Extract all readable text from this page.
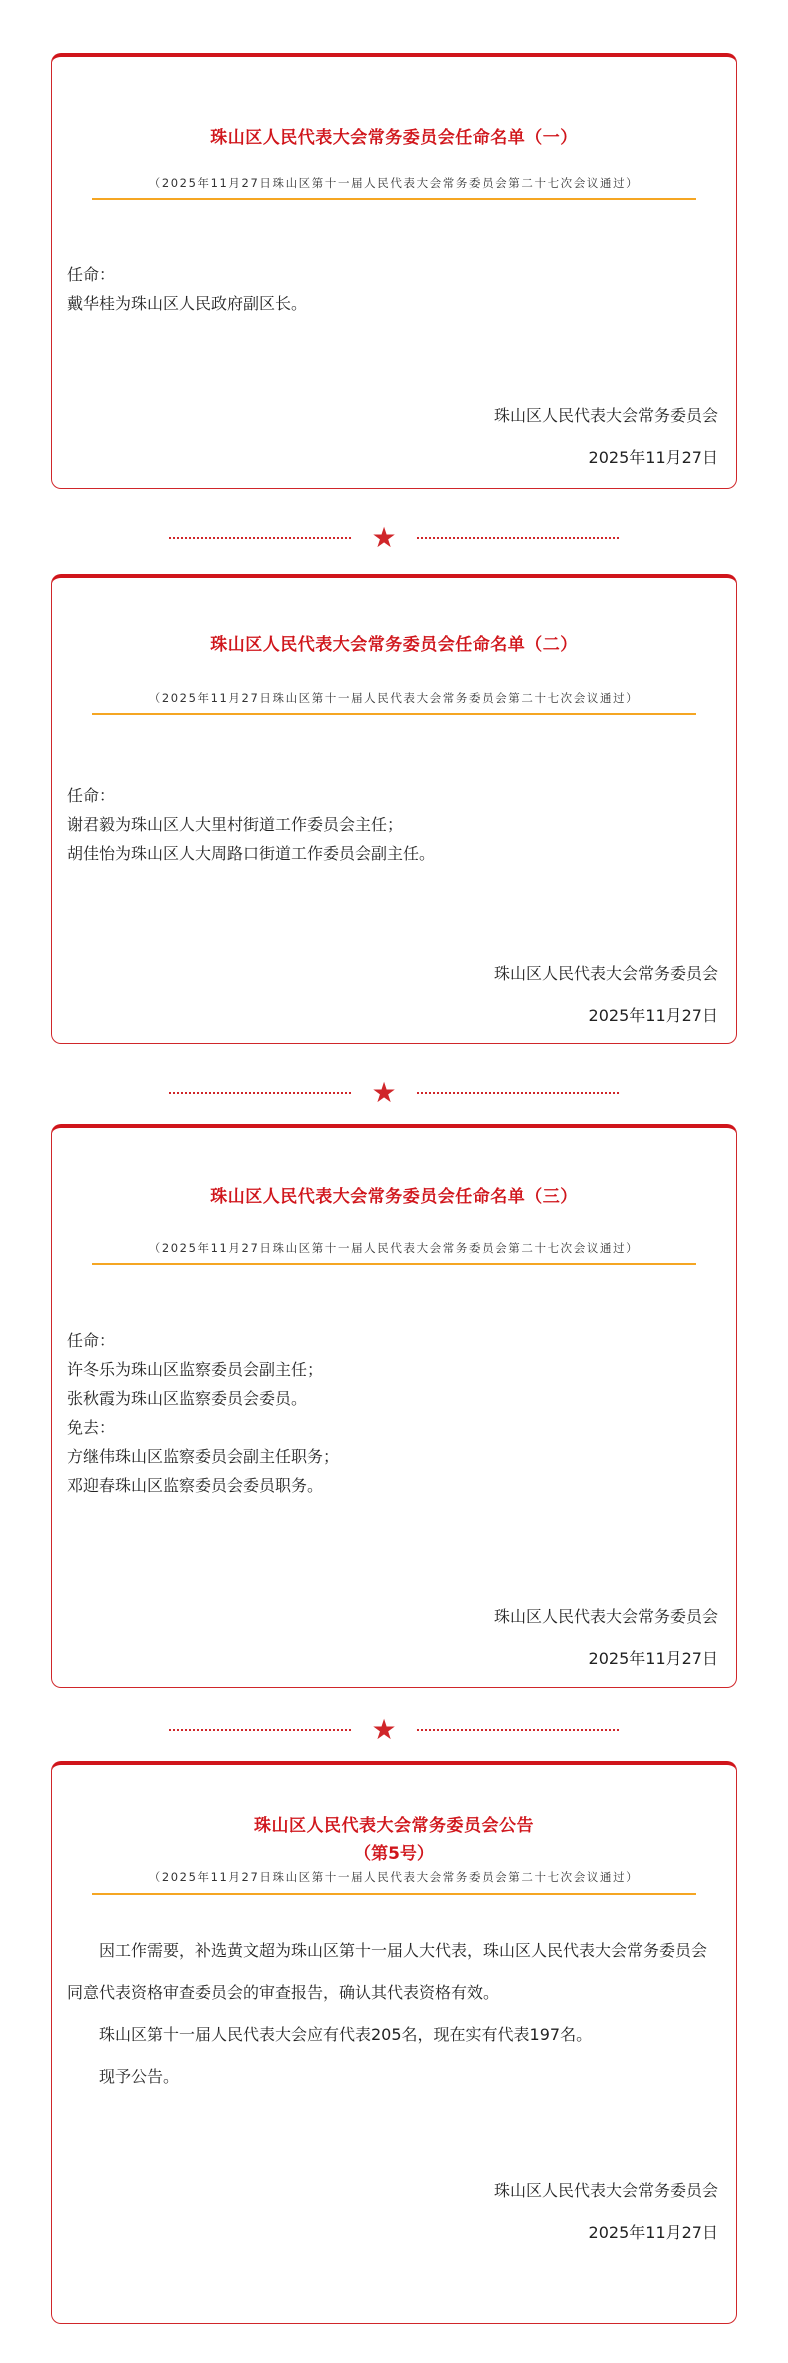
珠山区人民代表大会常务委员会任命名单（一）
（2025年11月27日珠山区第十一届人民代表大会常务委员会第二十七次会议通过）

任命：

戴华桂为珠山区人民政府副区长。

珠山区人民代表大会常务委员会
2025年11月27日
★
珠山区人民代表大会常务委员会任命名单（二）
（2025年11月27日珠山区第十一届人民代表大会常务委员会第二十七次会议通过）

任命：

谢君毅为珠山区人大里村街道工作委员会主任；

胡佳怡为珠山区人大周路口街道工作委员会副主任。

珠山区人民代表大会常务委员会
2025年11月27日
★
珠山区人民代表大会常务委员会任命名单（三）
（2025年11月27日珠山区第十一届人民代表大会常务委员会第二十七次会议通过）

任命：

许冬乐为珠山区监察委员会副主任；

张秋霞为珠山区监察委员会委员。

免去：

方继伟珠山区监察委员会副主任职务；

邓迎春珠山区监察委员会委员职务。

珠山区人民代表大会常务委员会
2025年11月27日
★
珠山区人民代表大会常务委员会公告
（第5号）
（2025年11月27日珠山区第十一届人民代表大会常务委员会第二十七次会议通过）

因工作需要，补选黄文超为珠山区第十一届人大代表，珠山区人民代表大会常务委员会同意代表资格审查委员会的审查报告，确认其代表资格有效。

珠山区第十一届人民代表大会应有代表205名，现在实有代表197名。

现予公告。

珠山区人民代表大会常务委员会
2025年11月27日
